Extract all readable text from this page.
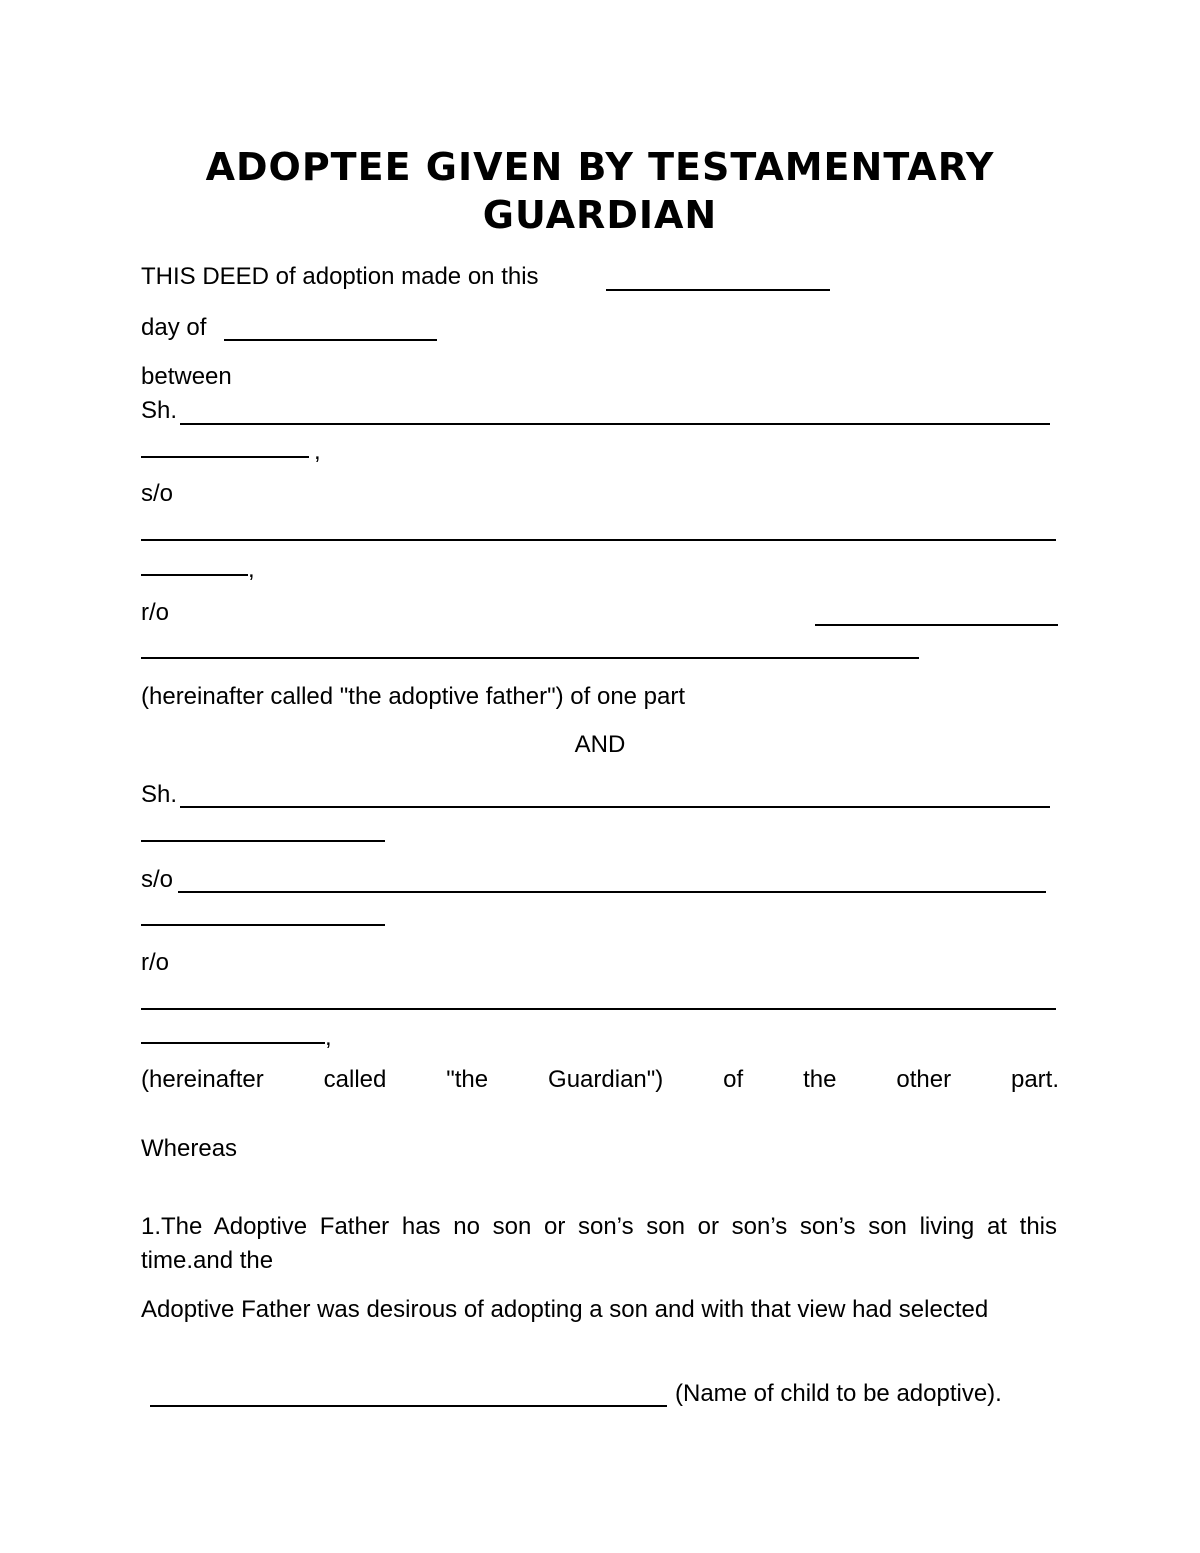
ADOPTEE GIVEN BY TESTAMENTARY
GUARDIAN
THIS DEED of adoption made on this
day of
between
Sh.
,
s/o
,
r/o
(hereinafter called "the adoptive father") of one part
AND
Sh.
s/o
r/o
,
(hereinafter called "the Guardian") of the other part.
Whereas
1.The Adoptive Father has no son or son’s son or son’s son’s son living at this time.and the
Adoptive Father was desirous of adopting a son and with that view had selected
(Name of child to be adoptive).
